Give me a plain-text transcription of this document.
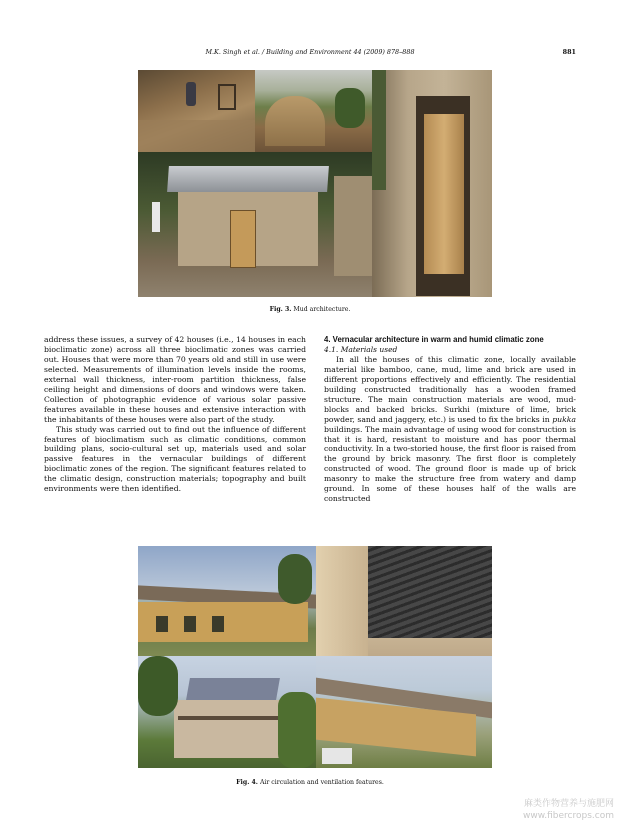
M.K. Singh et al. / Building and Environment 44 (2009) 878–888	881
Fig. 3. Mud architecture.

address these issues, a survey of 42 houses (i.e., 14 houses in each bioclimatic zone) across all three bioclimatic zones was carried out. Houses that were more than 70 years old and still in use were selected. Measurements of illumination levels inside the rooms, external wall thickness, inter-room partition thickness, false ceiling height and dimensions of doors and windows were taken. Collection of photographic evidence of various solar passive features available in these houses and extensive interaction with the inhabitants of these houses were also part of the study.

This study was carried out to find out the influence of different features of bioclimatism such as climatic conditions, common building plans, socio-cultural set up, materials used and solar passive features in the vernacular buildings of different bioclimatic zones of the region. The significant features related to the climatic design, construction materials; topography and built environments were then identified.

4. Vernacular architecture in warm and humid climatic zone

4.1. Materials used

In all the houses of this climatic zone, locally available material like bamboo, cane, mud, lime and brick are used in different proportions effectively and efficiently. The residential building constructed traditionally has a wooden framed structure. The main construction materials are wood, mud-blocks and backed bricks. Surkhi (mixture of lime, brick powder, sand and jaggery, etc.) is used to fix the bricks in pukka buildings. The main advantage of using wood for construction is that it is hard, resistant to moisture and has poor thermal conductivity. In a two-storied house, the first floor is raised from the ground by brick masonry. The first floor is completely constructed of wood. The ground floor is made up of brick masonry to make the structure free from watery and damp ground. In some of these houses half of the walls are constructed

Fig. 4. Air circulation and ventilation features.
麻类作物营养与施肥网
www.fibercrops.com
